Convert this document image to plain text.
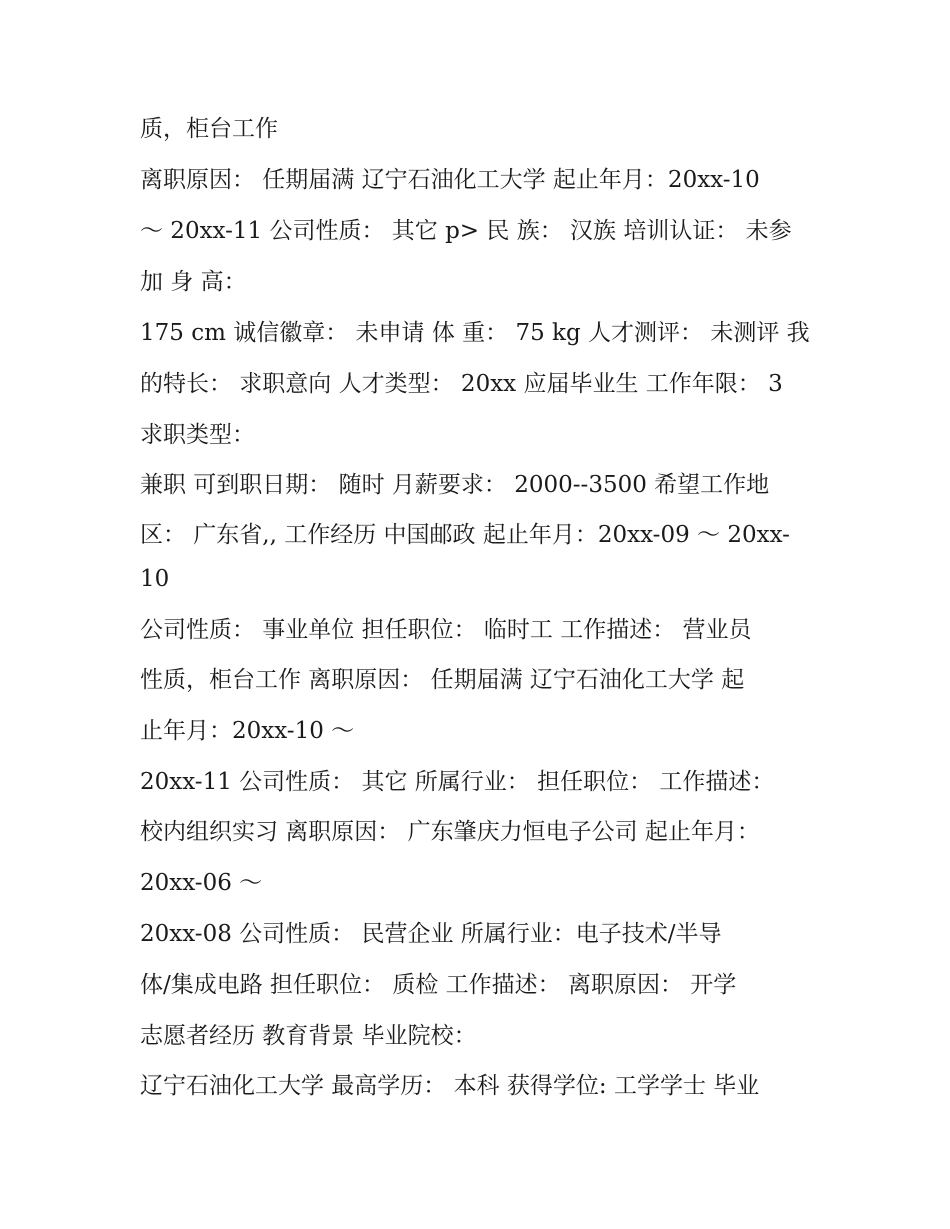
质，柜台工作
离职原因： 任期届满 辽宁石油化工大学 起止年月：20xx-10
～ 20xx-11 公司性质： 其它 p> 民 族： 汉族 培训认证： 未参
加 身 高：
175 cm 诚信徽章： 未申请 体 重： 75 kg 人才测评： 未测评 我
的特长： 求职意向 人才类型： 20xx 应届毕业生 工作年限： 3
求职类型：
兼职 可到职日期： 随时 月薪要求： 2000--3500 希望工作地
区： 广东省,, 工作经历 中国邮政 起止年月：20xx-09 ～ 20xx-
10
公司性质： 事业单位 担任职位： 临时工 工作描述： 营业员
性质，柜台工作 离职原因： 任期届满 辽宁石油化工大学 起
止年月：20xx-10 ～
20xx-11 公司性质： 其它 所属行业： 担任职位： 工作描述：
校内组织实习 离职原因： 广东肇庆力恒电子公司 起止年月：
20xx-06 ～
20xx-08 公司性质： 民营企业 所属行业：电子技术/半导
体/集成电路 担任职位： 质检 工作描述： 离职原因： 开学
志愿者经历 教育背景 毕业院校：
辽宁石油化工大学 最高学历： 本科 获得学位: 工学学士 毕业
